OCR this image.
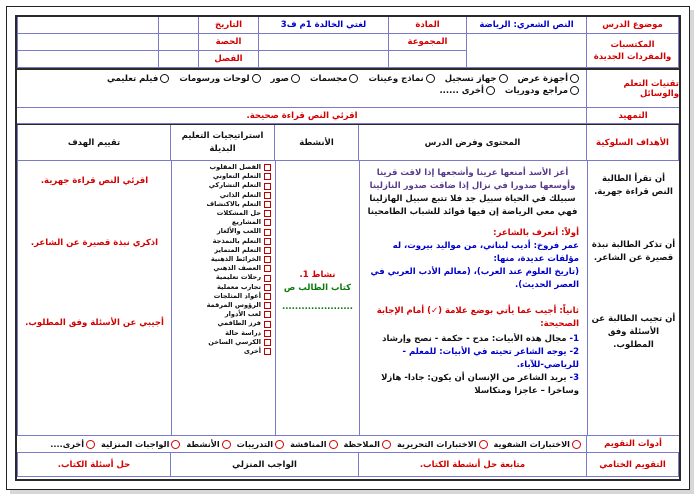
موضوع الدرس
النص الشعري: الرياضة
المادة
لغتي الخالدة 1م ف3
التاريخ
المجموعة	المكتسبات والمفردات الجديدة
الحصة
الفصل
تقنيات التعلم والوسائل
أجهزة عرض
جهاز تسجيل
نماذج وعينات
مجسمات
صور
لوحات ورسومات
فيلم تعليمي
مراجع ودوريات
أخرى ......
التمهيد
اقرئي النص قراءة صحيحة.
الأهداف السلوكية
المحتوى وفرض الدرس
الأنشطة
استراتيجيات التعليم البديلة
تقييم الهدف
أن تقرأ الطالبة النص قراءة جهرية.
أن تذكر الطالبة نبذة قصيرة عن الشاعر.
أن تجيب الطالبة عن الأسئلة وفق المطلوب.
أعز الأسد أمنعها عرينا وأشجعها إذا لاقت قرينا
وأوسعها صدورا في نزال إذا ضاقت صدور النازلينا
سبيلك في الحياة سبيل جد فلا تتبع سبيل الهازلينا
فهي معي الرياضة إن فيها فوائد للشباب الطامحينا
أولاً: أتعرف بالشاعر:
عمر فروخ: أديب لبناني، من مواليد بيروت، له مؤلفات عديدة، منها:
(تاريخ العلوم عند العرب)، (معالم الأدب العربي في العصر الحديث).
ثانياً: أجيب عما يأتي بوضع علامة (✓) أمام الإجابة الصحيحة:
1- مجال هذه الأبيات: مدح - حكمة - نصح وإرشاد
2- يوجه الشاعر تحيته في الأبيات: للمعلم - للرياضي-للآباء.
3- يريد الشاعر من الإنسان أن يكون: جادا- هازلا وساخرا – عاجزا ومتكاسلا
نشاط 1.
كتاب الطالب ص
......................
الفصل المقلوب
التعلم التعاوني
التعلم التشاركي
التعلم الذاتي
التعلم بالاكتشاف
حل المشكلات
المشاريع
اللعب والألغاز
التعلم بالنمذجة
التعلم المتمايز
الخرائط الذهنية
العصف الذهني
رحلات تعليمية
تجارب معملية
أعواد المثلجات
الرؤوس المرقمة
لعب الأدوار
فرز الطاقمي
دراسة حالة
الكرسي الساخن
أخرى
اقرئي النص قراءة جهرية.
اذكري نبذة قصيرة عن الشاعر.
أجيبي عن الأسئلة وفق المطلوب.
أدوات التقويم
الاختبارات الشفوية
الاختبارات التحريرية
الملاحظة
المناقشة
التدريبات
الأنشطة
الواجبات المنزلية
أخرى....
التقويم الختامي
متابعة حل أنشطة الكتاب.
الواجب المنزلي
حل أسئلة الكتاب.
